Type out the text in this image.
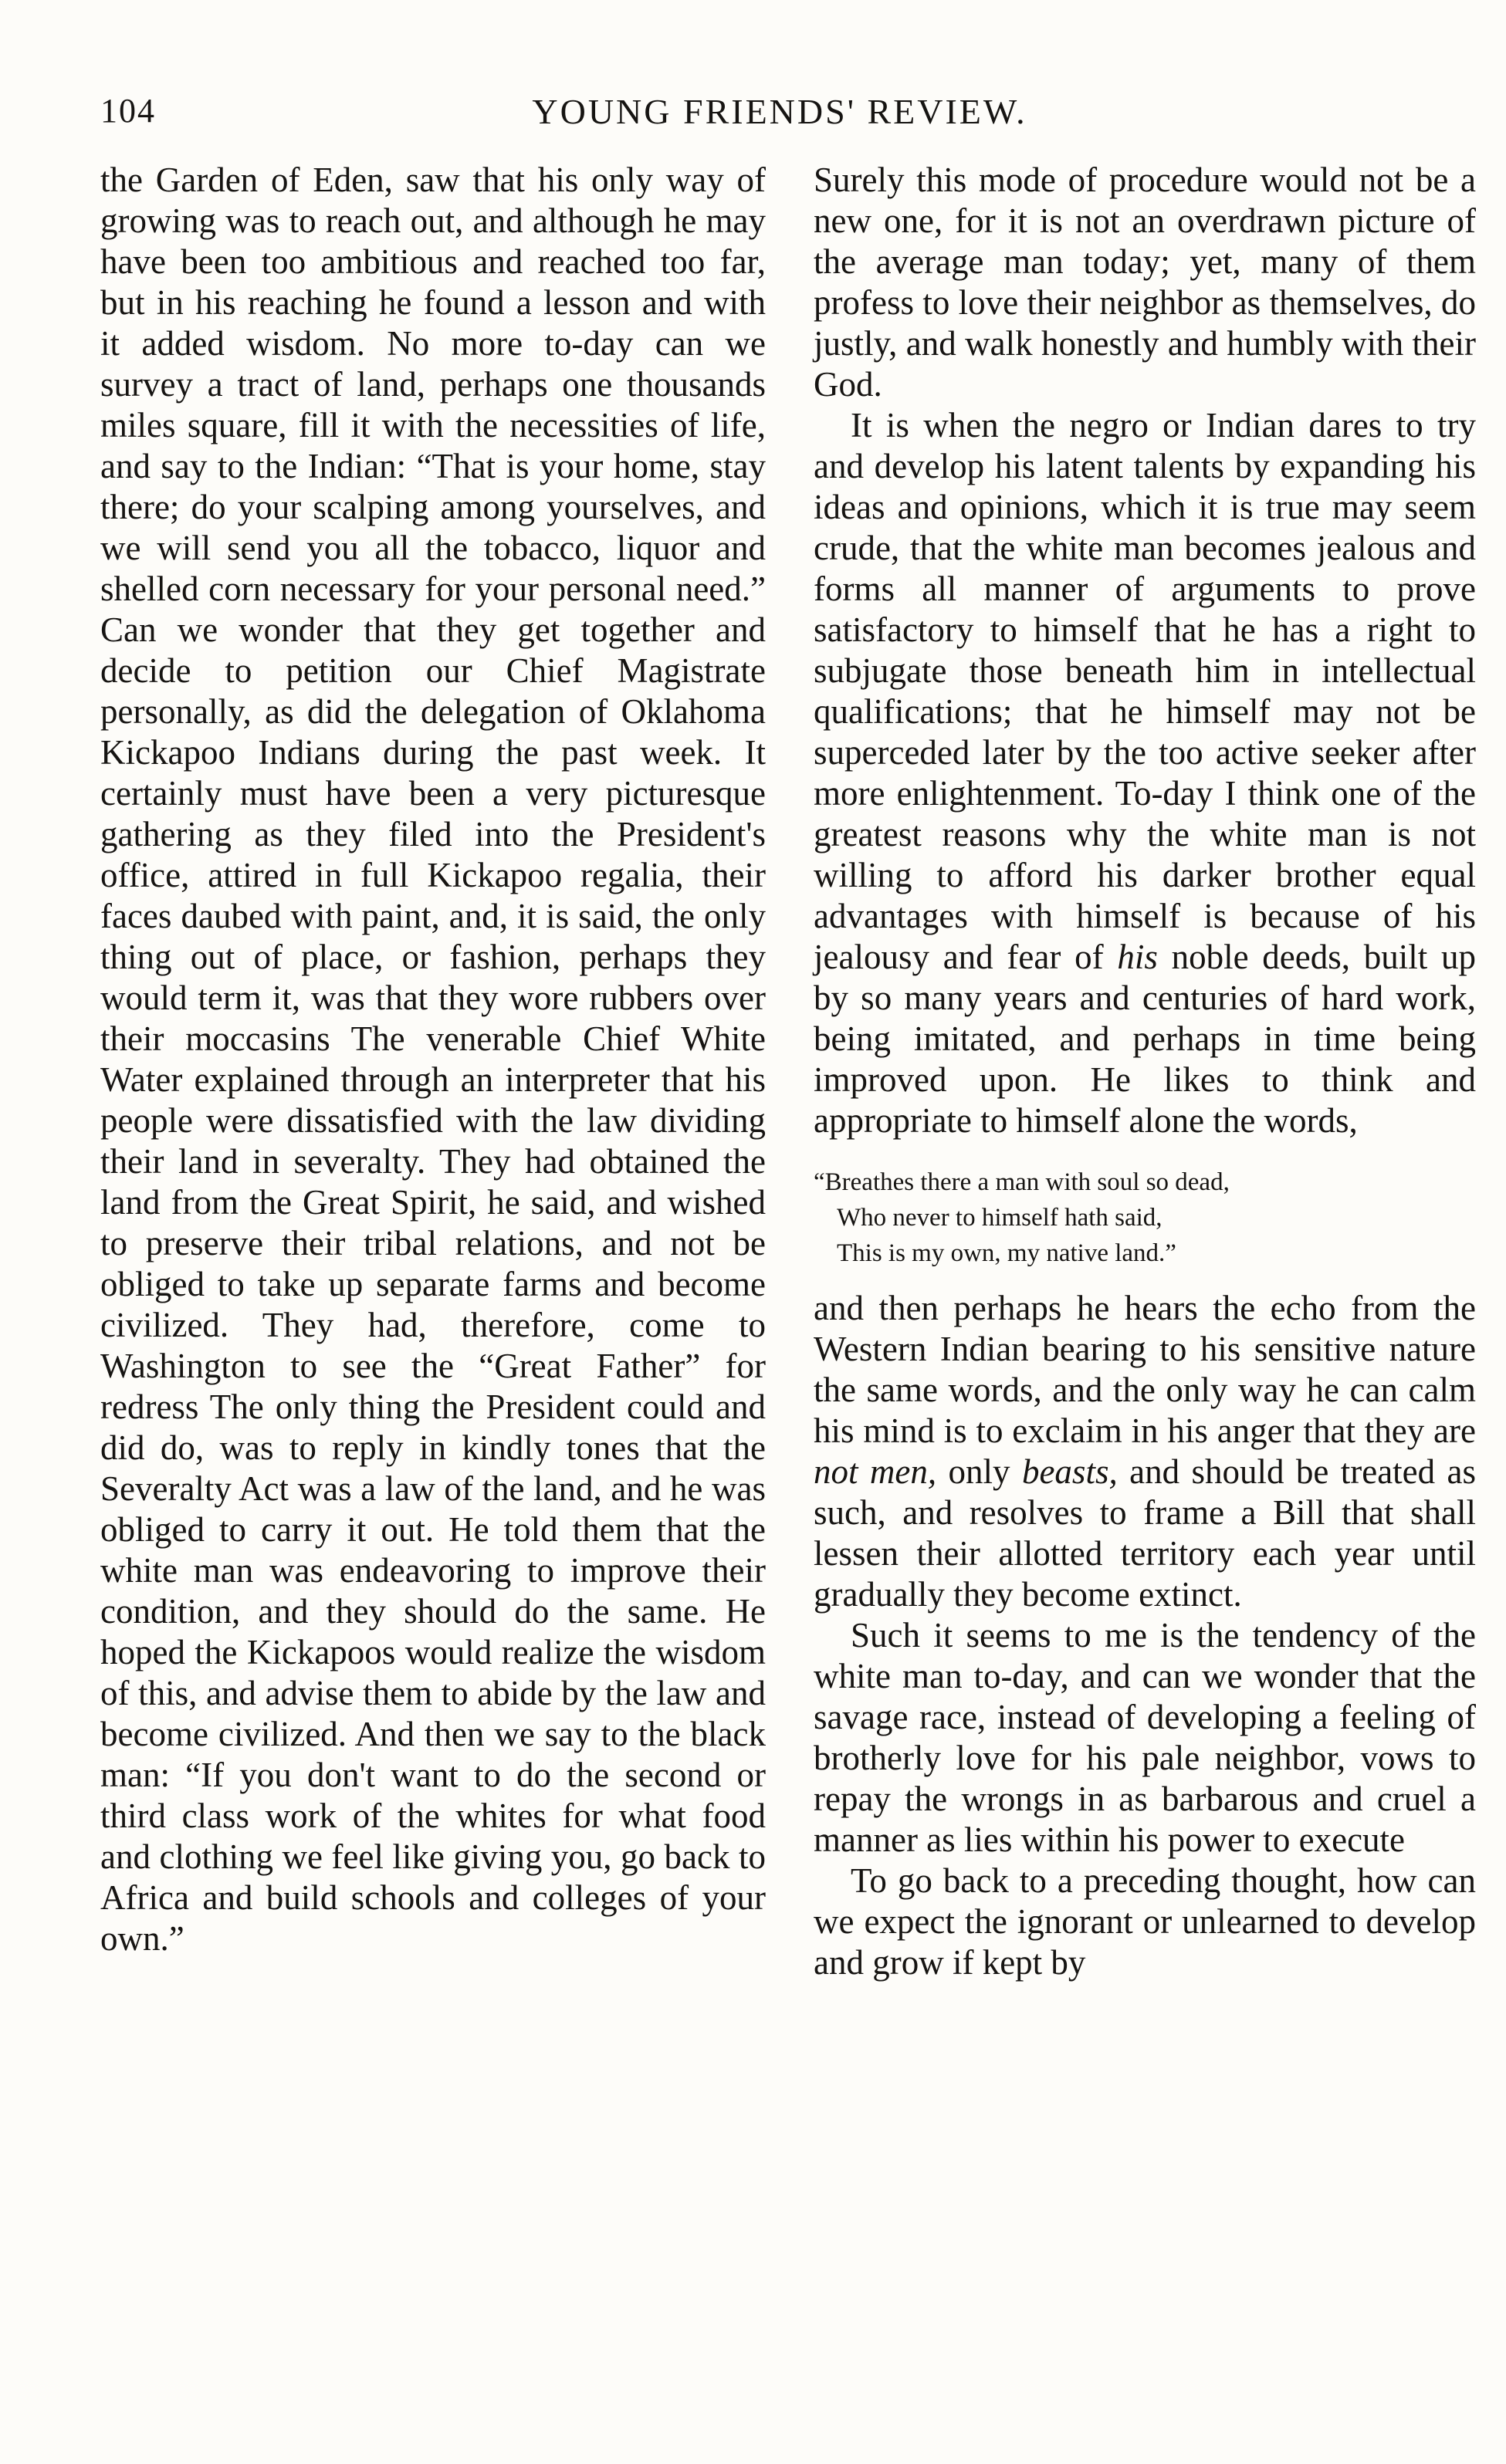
104	YOUNG FRIENDS' REVIEW.

the Garden of Eden, saw that his only way of growing was to reach out, and although he may have been too ambitious and reached too far, but in his reaching he found a lesson and with it added wisdom. No more to-day can we survey a tract of land, perhaps one thousands miles square, fill it with the necessities of life, and say to the Indian: “That is your home, stay there; do your scalping among yourselves, and we will send you all the tobacco, liquor and shelled corn necessary for your personal need.” Can we wonder that they get together and decide to petition our Chief Magistrate personally, as did the delegation of Oklahoma Kickapoo Indians during the past week. It certainly must have been a very picturesque gathering as they filed into the President's office, attired in full Kickapoo regalia, their faces daubed with paint, and, it is said, the only thing out of place, or fashion, perhaps they would term it, was that they wore rubbers over their moccasins The venerable Chief White Water explained through an interpreter that his people were dissatisfied with the law dividing their land in severalty. They had obtained the land from the Great Spirit, he said, and wished to preserve their tribal relations, and not be obliged to take up separate farms and become civilized. They had, therefore, come to Washington to see the “Great Father” for redress The only thing the President could and did do, was to reply in kindly tones that the Severalty Act was a law of the land, and he was obliged to carry it out. He told them that the white man was endeavoring to improve their condition, and they should do the same. He hoped the Kickapoos would realize the wisdom of this, and advise them to abide by the law and become civilized. And then we say to the black man: “If you don't want to do the second or third class work of the whites for what food and clothing we feel like giving you, go back to Africa and build schools and colleges of your own.”

Surely this mode of procedure would not be a new one, for it is not an overdrawn picture of the average man today; yet, many of them profess to love their neighbor as themselves, do justly, and walk honestly and humbly with their God.

It is when the negro or Indian dares to try and develop his latent talents by expanding his ideas and opinions, which it is true may seem crude, that the white man becomes jealous and forms all manner of arguments to prove satisfactory to himself that he has a right to subjugate those beneath him in intellectual qualifications; that he himself may not be superceded later by the too active seeker after more enlightenment. To-day I think one of the greatest reasons why the white man is not willing to afford his darker brother equal advantages with himself is because of his jealousy and fear of his noble deeds, built up by so many years and centuries of hard work, being imitated, and perhaps in time being improved upon. He likes to think and appropriate to himself alone the words,

“Breathes there a man with soul so dead,
Who never to himself hath said,
This is my own, my native land.”

and then perhaps he hears the echo from the Western Indian bearing to his sensitive nature the same words, and the only way he can calm his mind is to exclaim in his anger that they are not men, only beasts, and should be treated as such, and resolves to frame a Bill that shall lessen their allotted territory each year until gradually they become extinct.

Such it seems to me is the tendency of the white man to-day, and can we wonder that the savage race, instead of developing a feeling of brotherly love for his pale neighbor, vows to repay the wrongs in as barbarous and cruel a manner as lies within his power to execute

To go back to a preceding thought, how can we expect the ignorant or unlearned to develop and grow if kept by
